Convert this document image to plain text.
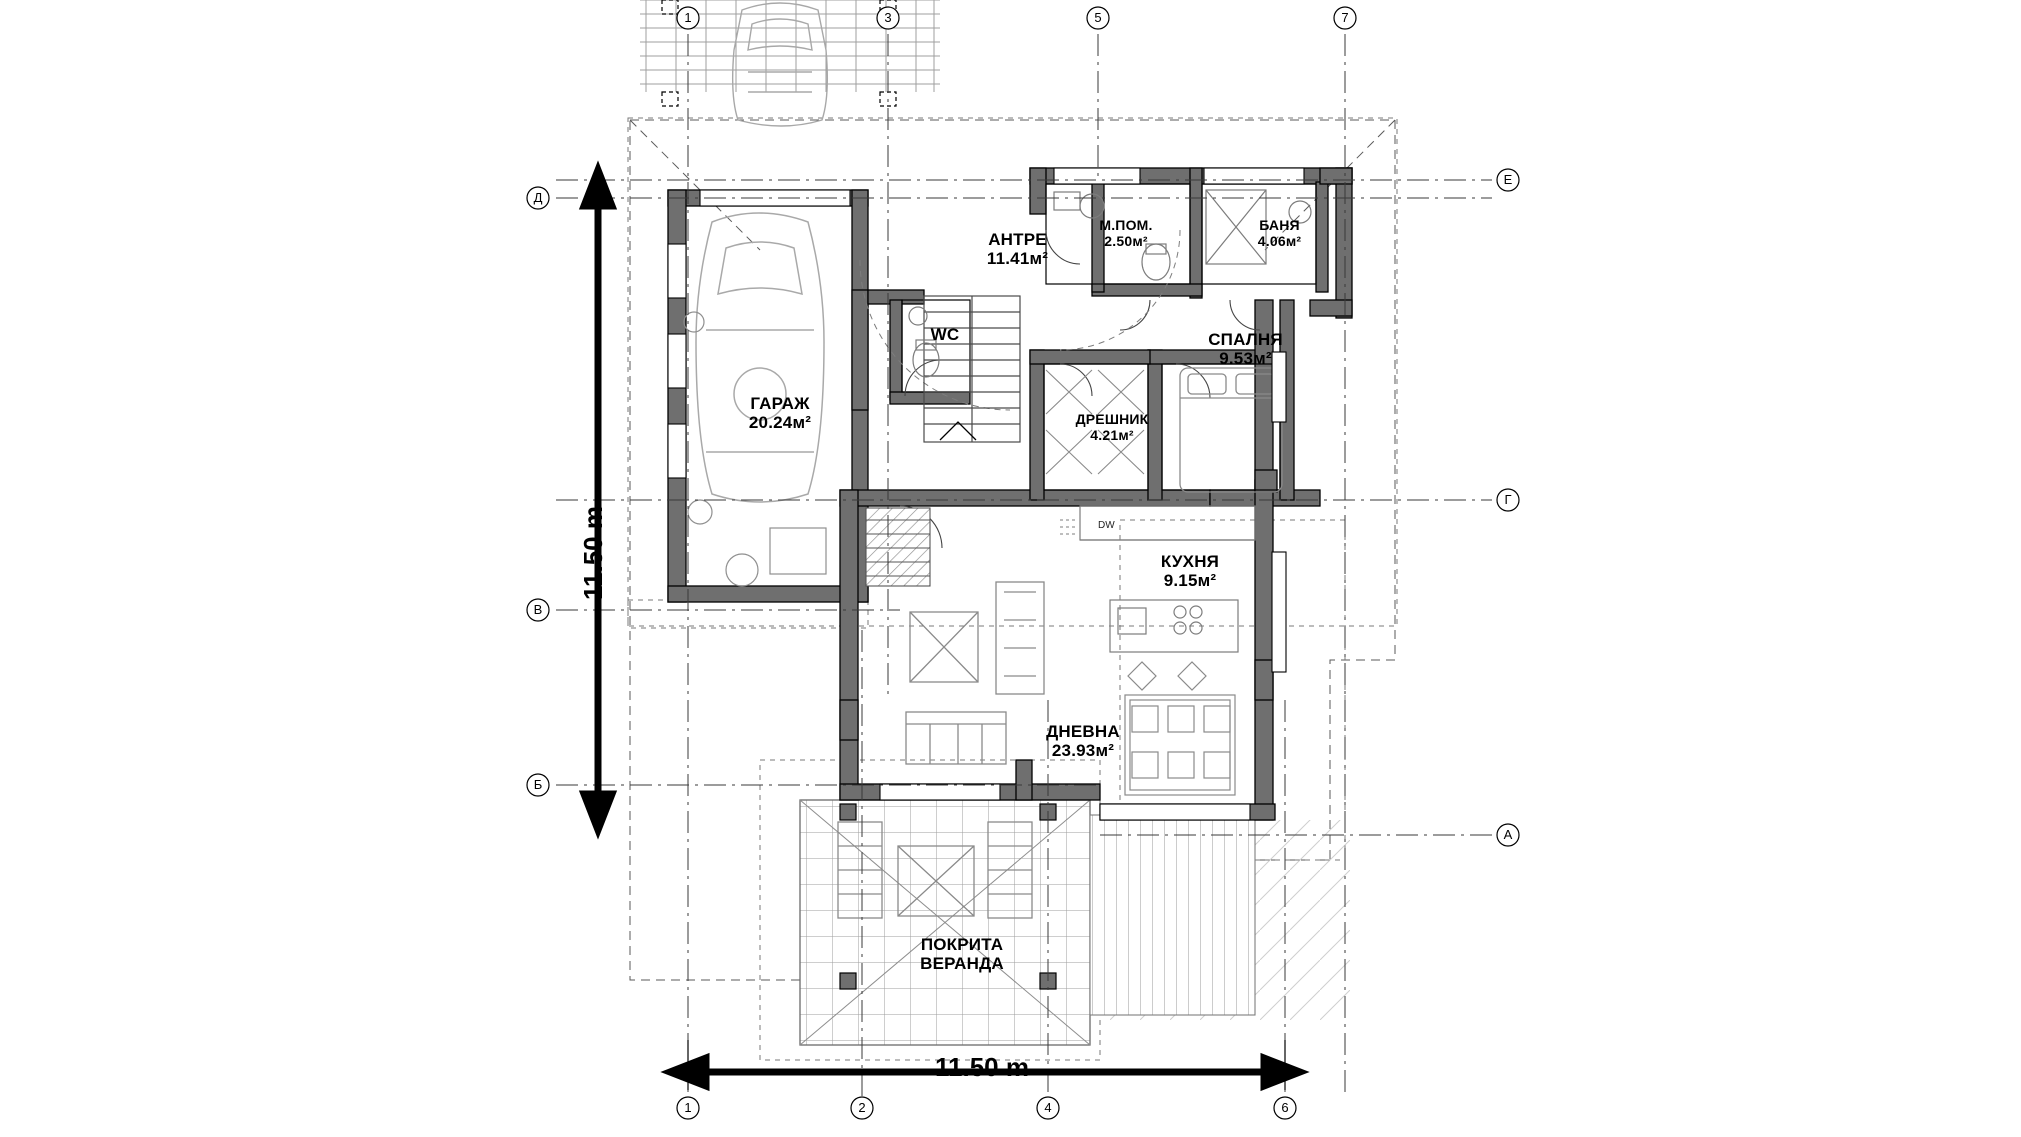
ГАРАЖ
20.24м²
АНТРЕ
11.41м²
М.ПОМ.
2.50м²
БАНЯ
4.06м²
WC	СПАЛНЯ
9.53м²
ДРЕШНИК
4.21м²
КУХНЯ
9.15м²
ДНЕВНА
23.93м²
ПОКРИТА
ВЕРАНДА
DW
11.50 m
11.50 m
1	3	5	7
1	2	4	6
Д
В
Б
Е
Г
А
